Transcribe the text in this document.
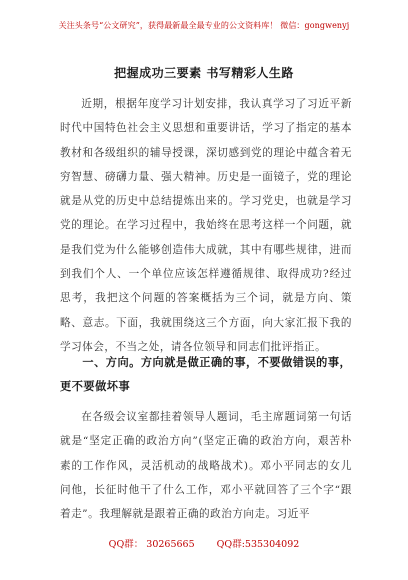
关注头条号“公文研究”，获得最新最全最专业的公文资料库！ 微信：gongwenyj
把握成功三要素 书写精彩人生路
近期，根据年度学习计划安排，我认真学习了习近平新时代中国特色社会主义思想和重要讲话，学习了指定的基本教材和各级组织的辅导授课，深切感到党的理论中蕴含着无穷智慧、磅礴力量、强大精神。历史是一面镜子，党的理论就是从党的历史中总结提炼出来的。学习党史，也就是学习党的理论。在学习过程中，我始终在思考这样一个问题，就是我们党为什么能够创造伟大成就，其中有哪些规律，进而到我们个人、一个单位应该怎样遵循规律、取得成功?经过思考，我把这个问题的答案概括为三个词，就是方向、策略、意志。下面，我就围绕这三个方面，向大家汇报下我的学习体会，不当之处，请各位领导和同志们批评指正。
一、方向。方向就是做正确的事，不要做错误的事，更不要做坏事
在各级会议室都挂着领导人题词，毛主席题词第一句话就是“坚定正确的政治方向”(坚定正确的政治方向，艰苦朴素的工作作风，灵活机动的战略战术)。邓小平同志的女儿问他，长征时他干了什么工作，邓小平就回答了三个字“跟着走”。我理解就是跟着正确的政治方向走。习近平
QQ群： 30265665 QQ群:535304092
